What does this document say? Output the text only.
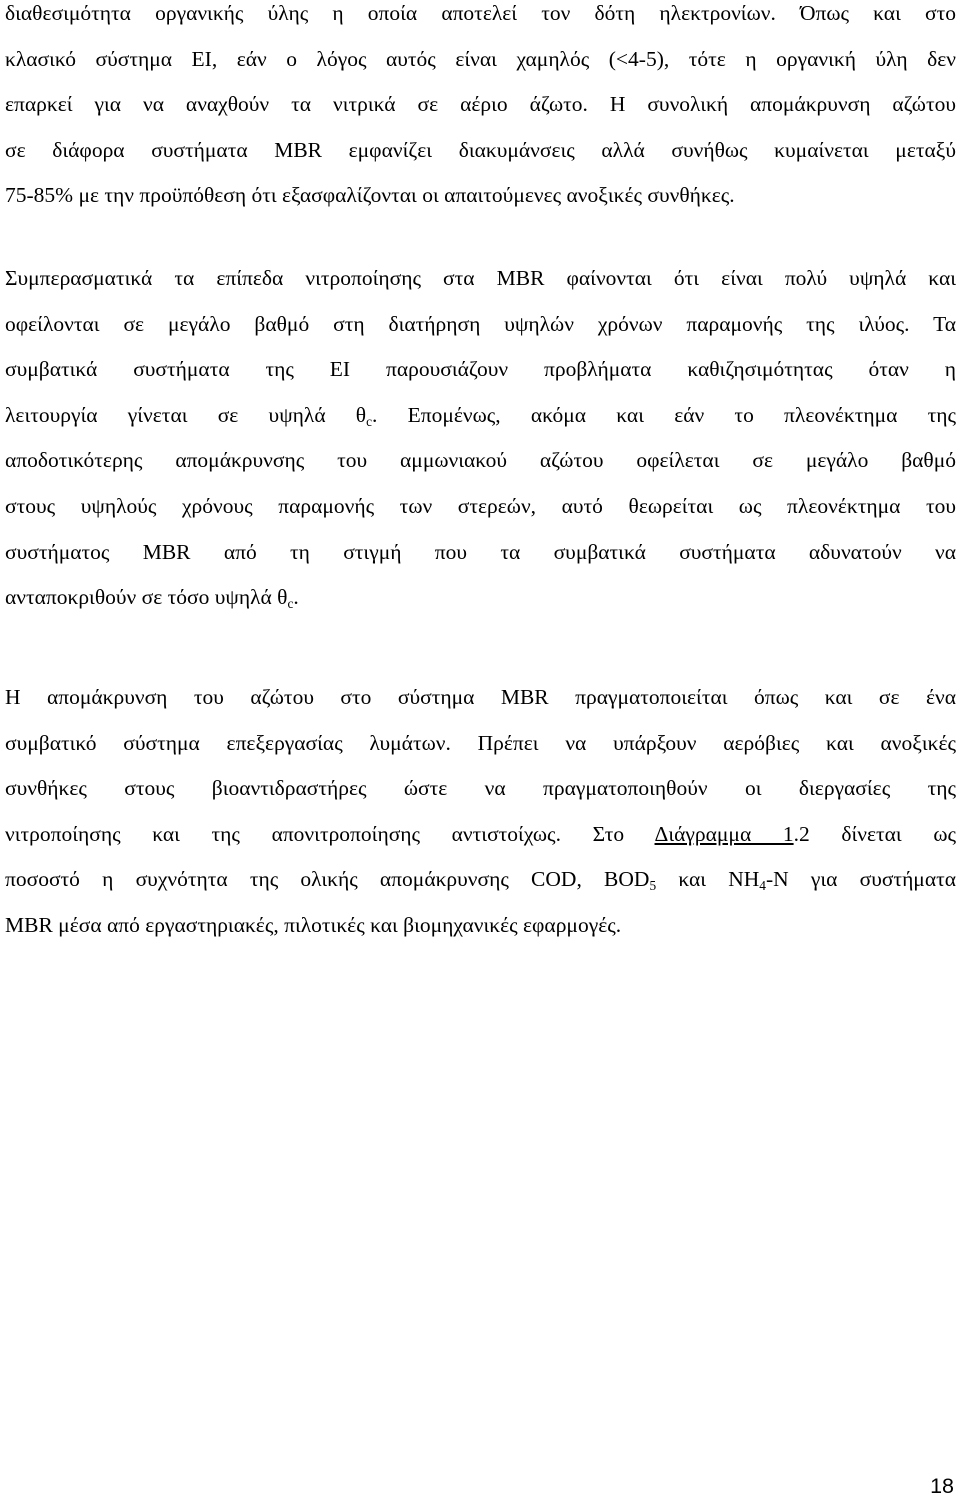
διαθεσιμότητα οργανικής ύλης η οποία αποτελεί τον δότη ηλεκτρονίων. Όπως και στο
κλασικό σύστημα ΕΙ, εάν ο λόγος αυτός είναι χαμηλός (<4-5), τότε η οργανική ύλη δεν
επαρκεί για να αναχθούν τα νιτρικά σε αέριο άζωτο. Η συνολική απομάκρυνση αζώτου
σε διάφορα συστήματα MBR εμφανίζει διακυμάνσεις αλλά συνήθως κυμαίνεται μεταξύ
75-85% με την προϋπόθεση ότι εξασφαλίζονται οι απαιτούμενες ανοξικές συνθήκες.
Συμπερασματικά τα επίπεδα νιτροποίησης στα MBR φαίνονται ότι είναι πολύ υψηλά και
οφείλονται σε μεγάλο βαθμό στη διατήρηση υψηλών χρόνων παραμονής της ιλύος. Τα
συμβατικά συστήματα της ΕΙ παρουσιάζουν προβλήματα καθιζησιμότητας όταν η
λειτουργία γίνεται σε υψηλά $\theta_c$. Επομένως, ακόμα και εάν το πλεονέκτημα της
αποδοτικότερης απομάκρυνσης του αμμωνιακού αζώτου οφείλεται σε μεγάλο βαθμό
στους υψηλούς χρόνους παραμονής των στερεών, αυτό θεωρείται ως πλεονέκτημα του
συστήματος MBR από τη στιγμή που τα συμβατικά συστήματα αδυνατούν να
ανταποκριθούν σε τόσο υψηλά $\theta_c$.
Η απομάκρυνση του αζώτου στο σύστημα MBR πραγματοποιείται όπως και σε ένα
συμβατικό σύστημα επεξεργασίας λυμάτων. Πρέπει να υπάρξουν αερόβιες και ανοξικές
συνθήκες στους βιοαντιδραστήρες ώστε να πραγματοποιηθούν οι διεργασίες της
νιτροποίησης και της απονιτροποίησης αντιστοίχως. Στο Διάγραμμα 1.2 δίνεται ως
ποσοστό η συχνότητα της ολικής απομάκρυνσης COD, $BOD_5$ και $NH_4-N$ για συστήματα
MBR μέσα από εργαστηριακές, πιλοτικές και βιομηχανικές εφαρμογές.
18
